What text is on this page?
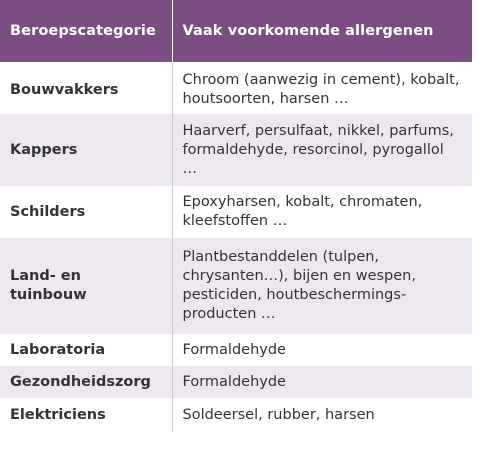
Beroepscategorie	Vaak voorkomende allergenen
Bouwvakkers	Chroom (aanwezig in cement), kobalt, houtsoorten, harsen …
Kappers	Haarverf, persulfaat, nikkel, parfums, formaldehyde, resorcinol, pyrogallol …
Schilders	Epoxyharsen, kobalt, chromaten, kleefstoffen …
Land- en tuinbouw	Plantbestanddelen (tulpen, chrysanten…), bijen en wespen, pesticiden, houtbeschermings-producten …
Laboratoria	Formaldehyde
Gezondheidszorg	Formaldehyde
Elektriciens	Soldeersel, rubber, harsen
